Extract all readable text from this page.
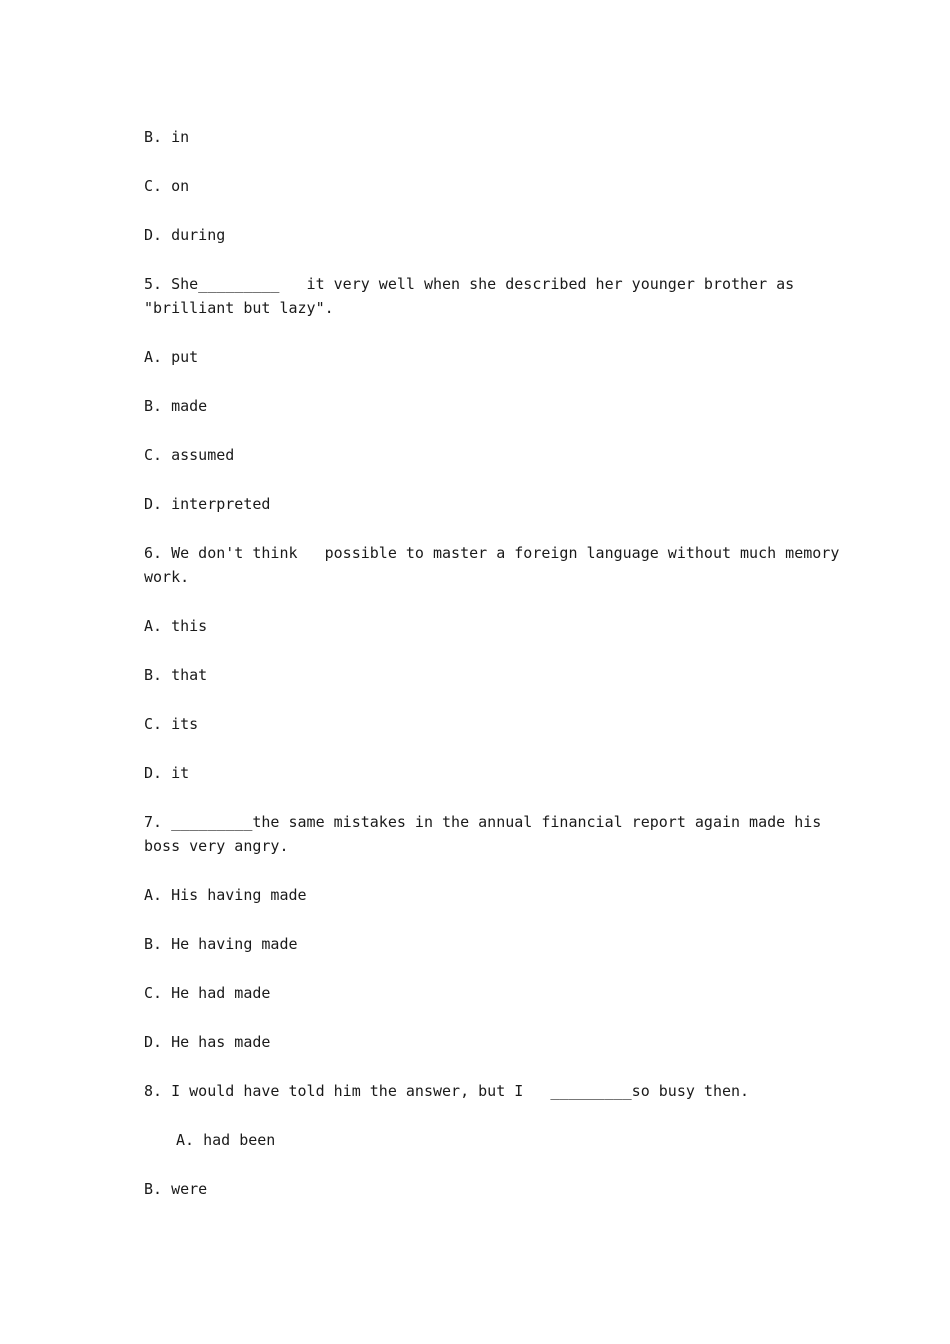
B. in
C. on
D. during
5. She_________   it very well when she described her younger brother as
"brilliant but lazy".
A. put
B. made
C. assumed
D. interpreted
6. We don't think   possible to master a foreign language without much memory
work.
A. this
B. that
C. its
D. it
7. _________the same mistakes in the annual financial report again made his
boss very angry.
A. His having made
B. He having made
C. He had made
D. He has made
8. I would have told him the answer, but I   _________so busy then.
A. had been
B. were
